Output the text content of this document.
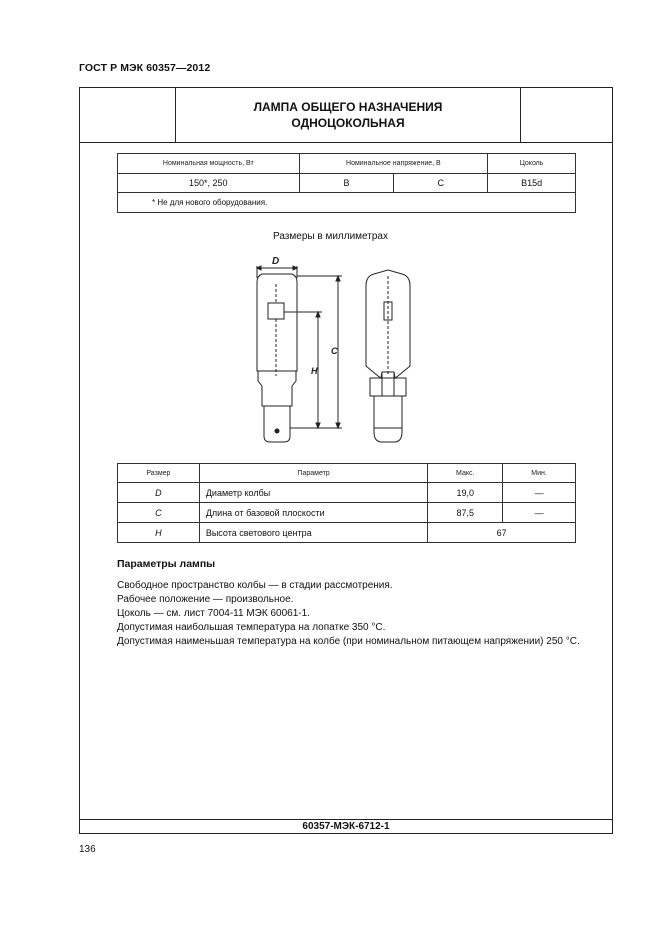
ГОСТ Р МЭК 60357—2012
ЛАМПА ОБЩЕГО НАЗНАЧЕНИЯ
ОДНОЦОКОЛЬНАЯ
60357-МЭК-6712-1
Номинальная мощность, Вт	Номинальное напряжение, В		Цоколь
150*, 250	B	C	B15d
* Не для нового оборудования.			
Размеры в миллиметрах
D
H
C
Размер	Параметр	Макс.	Мин.
D	Диаметр колбы	19,0	—
C	Длина от базовой плоскости	87,5	—
H	Высота светового центра	67	
Параметры лампы
Свободное пространство колбы — в стадии рассмотрения.
Рабочее положение — произвольное.
Цоколь — см. лист 7004-11 МЭК 60061-1.
Допустимая наибольшая температура на лопатке 350 °C.
Допустимая наименьшая температура на колбе (при номинальном питающем напряжении) 250 °C.
136
